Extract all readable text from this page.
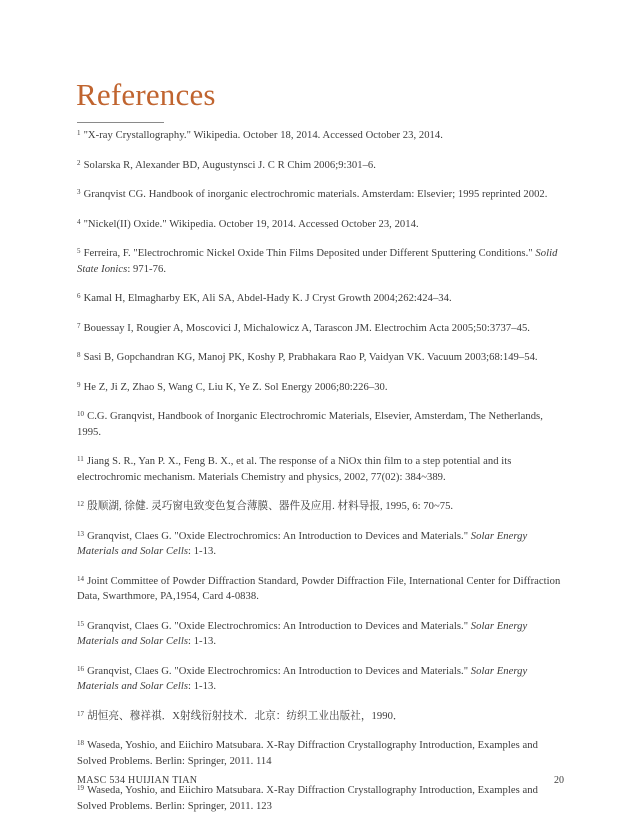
References

$^1$ "X-ray Crystallography." Wikipedia. October 18, 2014. Accessed October 23, 2014.

$^2$ Solarska R, Alexander BD, Augustynsci J. C R Chim 2006;9:301–6.

$^3$ Granqvist CG. Handbook of inorganic electrochromic materials. Amsterdam: Elsevier; 1995 reprinted 2002.

$^4$ "Nickel(II) Oxide." Wikipedia. October 19, 2014. Accessed October 23, 2014.

$^5$ Ferreira, F. "Electrochromic Nickel Oxide Thin Films Deposited under Different Sputtering Conditions." Solid State Ionics: 971-76.

$^6$ Kamal H, Elmagharby EK, Ali SA, Abdel-Hady K. J Cryst Growth 2004;262:424–34.

$^7$ Bouessay I, Rougier A, Moscovici J, Michalowicz A, Tarascon JM. Electrochim Acta 2005;50:3737–45.

$^8$ Sasi B, Gopchandran KG, Manoj PK, Koshy P, Prabhakara Rao P, Vaidyan VK. Vacuum 2003;68:149–54.

$^9$ He Z, Ji Z, Zhao S, Wang C, Liu K, Ye Z. Sol Energy 2006;80:226–30.

$^{10}$ C.G. Granqvist, Handbook of Inorganic Electrochromic Materials, Elsevier, Amsterdam, The Netherlands, 1995.

$^{11}$ Jiang S. R., Yan P. X., Feng B. X., et al. The response of a NiOx thin film to a step potential and its electrochromic mechanism. Materials Chemistry and physics, 2002, 77(02): 384~389.

$^{12}$ 殷顺湖, 徐健. 灵巧窗电致变色复合薄膜、器件及应用. 材料导报, 1995, 6: 70~75.

$^{13}$ Granqvist, Claes G. "Oxide Electrochromics: An Introduction to Devices and Materials." Solar Energy Materials and Solar Cells: 1-13.

$^{14}$ Joint Committee of Powder Diffraction Standard, Powder Diffraction File, International Center for Diffraction Data, Swarthmore, PA,1954, Card 4-0838.

$^{15}$ Granqvist, Claes G. "Oxide Electrochromics: An Introduction to Devices and Materials." Solar Energy Materials and Solar Cells: 1-13.

$^{16}$ Granqvist, Claes G. "Oxide Electrochromics: An Introduction to Devices and Materials." Solar Energy Materials and Solar Cells: 1-13.

$^{17}$ 胡恒亮、穆祥祺．X射线衍射技术．北京：纺织工业出版社，1990．

$^{18}$ Waseda, Yoshio, and Eiichiro Matsubara. X-Ray Diffraction Crystallography Introduction, Examples and Solved Problems. Berlin: Springer, 2011. 114

$^{19}$ Waseda, Yoshio, and Eiichiro Matsubara. X-Ray Diffraction Crystallography Introduction, Examples and Solved Problems. Berlin: Springer, 2011. 123

MASC 534 HUIJIAN TIAN	20
